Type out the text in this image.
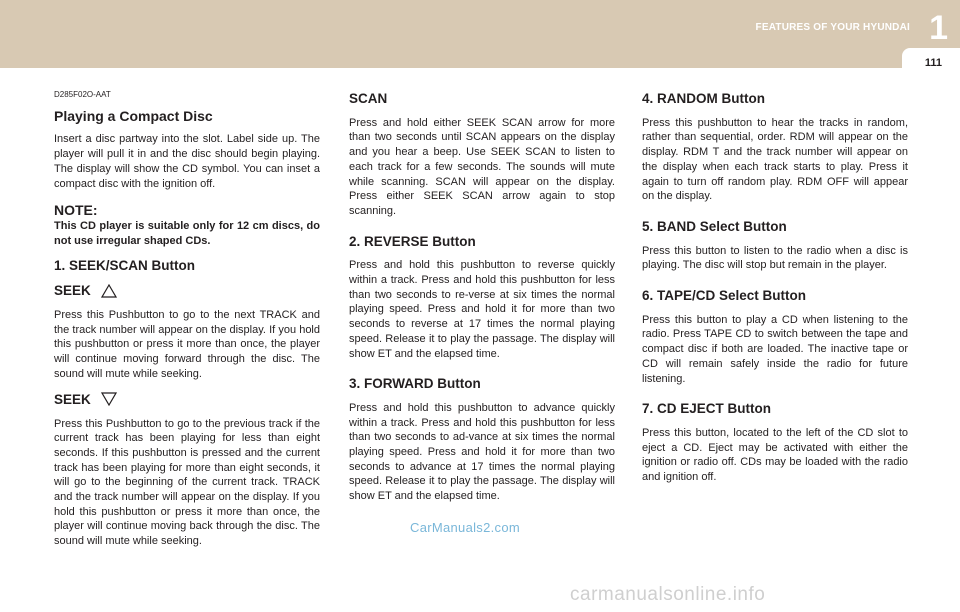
FEATURES OF YOUR HYUNDAI 1
111

D285F02O-AAT

Playing a Compact Disc

Insert a disc partway into the slot. Label side up. The player will pull it in and the disc should begin playing. The display will show the CD symbol. You can inset a compact disc with the ignition off.

NOTE:

This CD player is suitable only for 12 cm discs, do not use irregular shaped CDs.

1. SEEK/SCAN Button

SEEK

Press this Pushbutton to go to the next TRACK and the track number will appear on the display. If you hold this pushbutton or press it more than once, the player will continue moving forward through the disc. The sound will mute while seeking.

SEEK

Press this Pushbutton to go to the previous track if the current track has been playing for less than eight seconds. If this pushbutton is pressed and the current track has been playing for more than eight seconds, it will go to the beginning of the current track. TRACK and the track number will appear on the display. If you hold this pushbutton or press it more than once, the player will continue moving back through the disc. The sound will mute while seeking.

SCAN

Press and hold either SEEK SCAN arrow for more than two seconds until SCAN appears on the display and you hear a beep. Use SEEK SCAN to listen to each track for a few seconds. The sounds will mute while scanning. SCAN will appear on the display. Press either SEEK SCAN arrow again to stop scanning.

2. REVERSE Button

Press and hold this pushbutton to reverse quickly within a track. Press and hold this pushbutton for less than two seconds to re-verse at six times the normal playing speed. Press and hold it for more than two seconds to reverse at 17 times the normal playing speed. Release it to play the passage. The display will show ET and the elapsed time.

3. FORWARD Button

Press and hold this pushbutton to advance quickly within a track. Press and hold this pushbutton for less than two seconds to ad-vance at six times the normal playing speed. Press and hold it for more than two seconds to advance at 17 times the normal playing speed. Release it to play the passage. The display will show ET and the elapsed time.

4. RANDOM Button

Press this pushbutton to hear the tracks in random, rather than sequential, order. RDM will appear on the display. RDM T and the track number will appear on the display when each track starts to play. Press it again to turn off random play. RDM OFF will appear on the display.

5. BAND Select Button

Press this button to listen to the radio when a disc is playing. The disc will stop but remain in the player.

6. TAPE/CD Select Button

Press this button to play a CD when listening to the radio. Press TAPE CD to switch between the tape and compact disc if both are loaded. The inactive tape or CD will remain safely inside the radio for future listening.

7. CD EJECT Button

Press this button, located to the left of the CD slot to eject a CD. Eject may be activated with either the ignition or radio off. CDs may be loaded with the radio and ignition off.

CarManuals2.com
carmanualsonline.info
